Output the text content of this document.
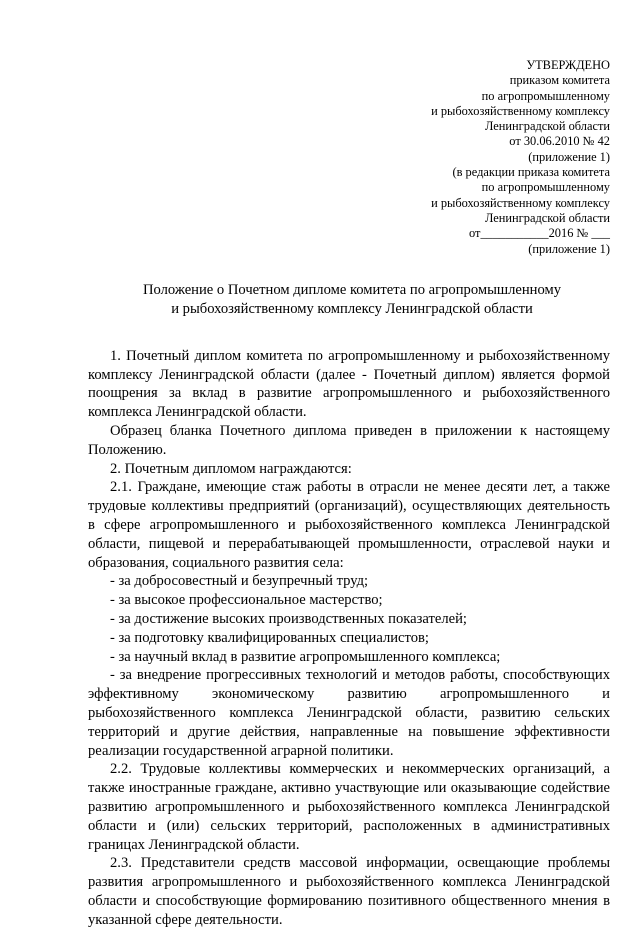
УТВЕРЖДЕНО
приказом комитета
по агропромышленному
и рыбохозяйственному комплексу
Ленинградской области
от 30.06.2010 № 42
(приложение 1)
(в редакции приказа комитета
по агропромышленному
и рыбохозяйственному комплексу
Ленинградской области
от___________2016 № ___
(приложение 1)
Положение о Почетном дипломе комитета по агропромышленному
и рыбохозяйственному комплексу Ленинградской области

1. Почетный диплом комитета по агропромышленному и рыбохозяйственному комплексу Ленинградской области (далее - Почетный диплом) является формой поощрения за вклад в развитие агропромышленного и рыбохозяйственного комплекса Ленинградской области.

Образец бланка Почетного диплома приведен в приложении к настоящему Положению.

2. Почетным дипломом награждаются:

2.1. Граждане, имеющие стаж работы в отрасли не менее десяти лет, а также трудовые коллективы предприятий (организаций), осуществляющих деятельность в сфере агропромышленного и рыбохозяйственного комплекса Ленинградской области, пищевой и перерабатывающей промышленности, отраслевой науки и образования, социального развития села:

- за добросовестный и безупречный труд;

- за высокое профессиональное мастерство;

- за достижение высоких производственных показателей;

- за подготовку квалифицированных специалистов;

- за научный вклад в развитие агропромышленного комплекса;

- за внедрение прогрессивных технологий и методов работы, способствующих эффективному экономическому развитию агропромышленного и рыбохозяйственного комплекса Ленинградской области, развитию сельских территорий и другие действия, направленные на повышение эффективности реализации государственной аграрной политики.

2.2. Трудовые коллективы коммерческих и некоммерческих организаций, а также иностранные граждане, активно участвующие или оказывающие содействие развитию агропромышленного и рыбохозяйственного комплекса Ленинградской области и (или) сельских территорий, расположенных в административных границах Ленинградской области.

2.3. Представители средств массовой информации, освещающие проблемы развития агропромышленного и рыбохозяйственного комплекса Ленинградской области и способствующие формированию позитивного общественного мнения в указанной сфере деятельности.
